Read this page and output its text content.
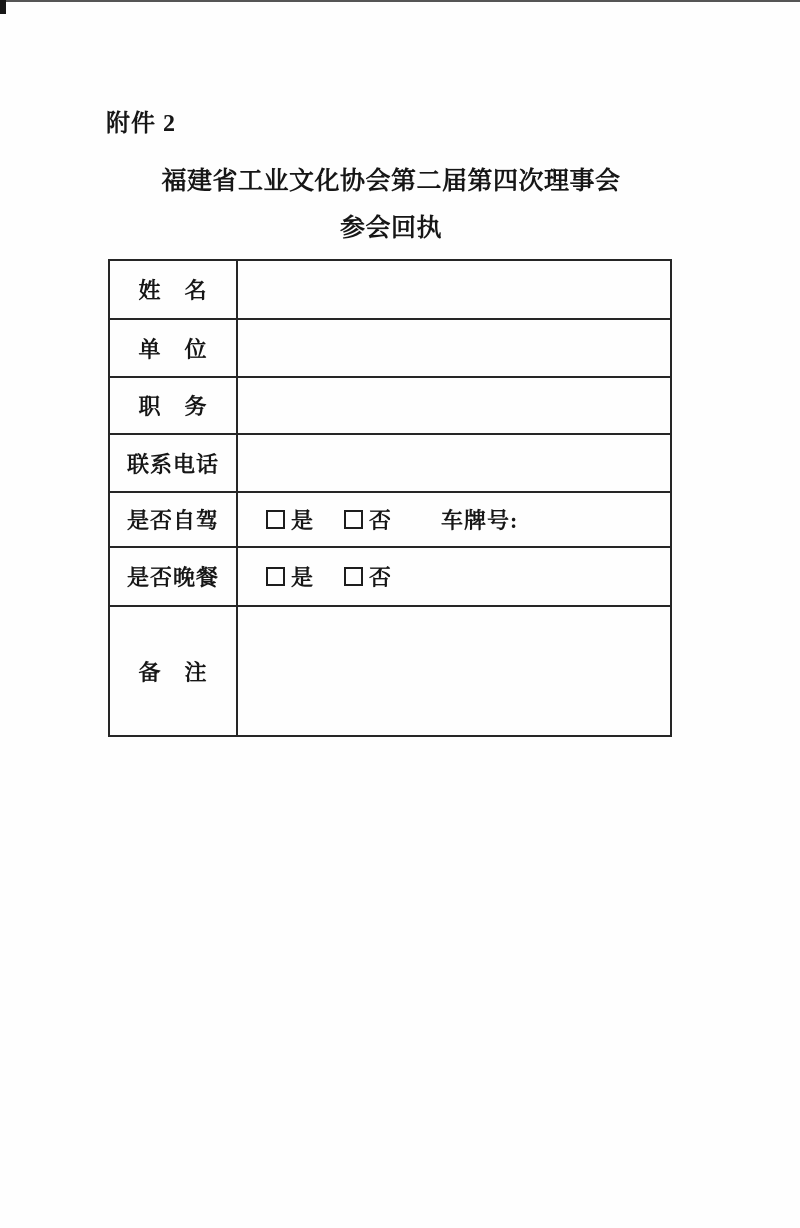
附件 2
福建省工业文化协会第二届第四次理事会
参会回执
姓　名	
单　位	
职　务	
联系电话	
是否自驾	是 否 车牌号:
是否晚餐	是 否
备　注	
